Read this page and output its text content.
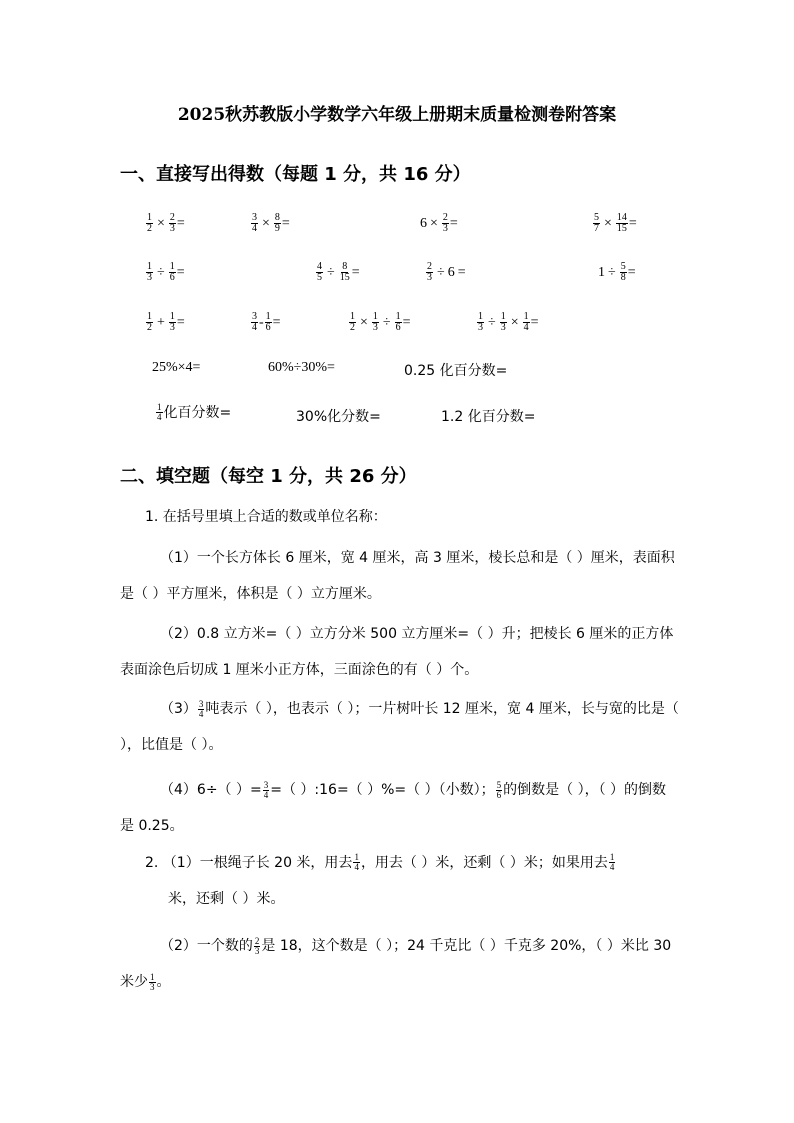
2025秋苏教版小学数学六年级上册期末质量检测卷附答案
一、直接写出得数（每题 1 分，共 16 分）
$\frac{1}{2} \times \frac{2}{3}$ =	$\frac{3}{4} \times \frac{8}{9}$ =	$6 \times \frac{2}{3}$ =	$\frac{5}{7} \times \frac{14}{15}$ =
$\frac{1}{3} \div \frac{1}{6}$ =	$\frac{4}{5} \div \frac{8}{15}$ =	$\frac{2}{3} \div 6$ =	$1 \div \frac{5}{8}$ =
$\frac{1}{2} + \frac{1}{3}$ =	$\frac{3}{4} - \frac{1}{6}$ =	$\frac{1}{2} \times \frac{1}{3} \div \frac{1}{6}$ =	$\frac{1}{3} \div \frac{1}{3} \times \frac{1}{4}$ =
25%×4=	60%÷30%=	0.25 化百分数=
1
4 化百分数=	30%化分数=	1.2 化百分数=
二、填空题（每空 1 分，共 26 分）
1. 在括号里填上合适的数或单位名称：
（1）一个长方体长 6 厘米，宽 4 厘米，高 3 厘米，棱长总和是（ ）厘米，表面积是（ ）平方厘米，体积是（ ）立方厘米。
（2）0.8 立方米=（ ）立方分米 500 立方厘米=（ ）升；把棱长 6 厘米的正方体表面涂色后切成 1 厘米小正方体，三面涂色的有（ ）个。
$(3) \frac{3}{4}$ 吨表示（ ），也表示（ ）；一片树叶长 12 厘米，宽 4 厘米，长与宽的比是（ ），比值是（ ）。
（4）6÷（ ）= $\frac{3}{4}$ =（ ）:16=（ ）%=（ ）（小数）； $\frac{5}{6}$ 的倒数是（ ），（ ）的倒数是 0.25。
2. （1）一根绳子长 20 米，用去 1
4 ，用去（ ）米，还剩（ ）米；如果用去 1
4
米，还剩（ ）米。
（2）一个数的 $\frac{2}{3}$ 是 18，这个数是（ ）；24 千克比（ ）千克多 20%，（ ）米比 30 米少 $\frac{1}{3}$ 。
